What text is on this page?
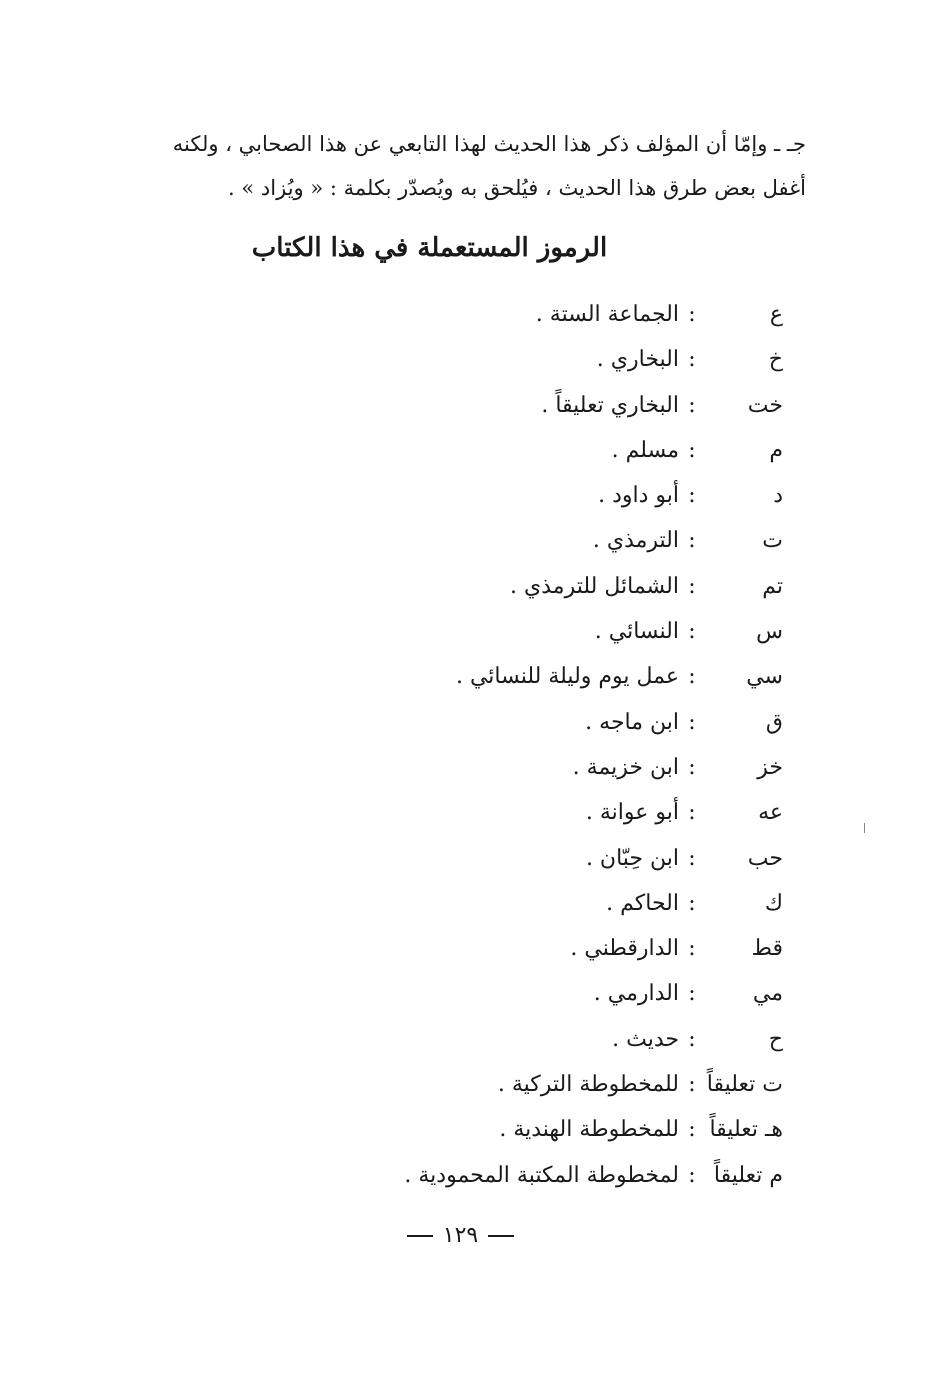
جـ ـ وإمّا أن المؤلف ذكر هذا الحديث لهذا التابعي عن هذا الصحابي ، ولكنه
أغفل بعض طرق هذا الحديث ، فيُلحق به ويُصدّر بكلمة : « ويُزاد » .
الرموز المستعملة في هذا الكتاب
ع
:
الجماعة الستة .
خ
:
البخاري .
خت
:
البخاري تعليقاً .
م
:
مسلم .
د
:
أبو داود .
ت
:
الترمذي .
تم
:
الشمائل للترمذي .
س
:
النسائي .
سي
:
عمل يوم وليلة للنسائي .
ق
:
ابن ماجه .
خز
:
ابن خزيمة .
عه
:
أبو عوانة .
حب
:
ابن حِبّان .
ك
:
الحاكم .
قط
:
الدارقطني .
مي
:
الدارمي .
ح
:
حديث .
ت تعليقاً
:
للمخطوطة التركية .
هـ تعليقاً
:
للمخطوطة الهندية .
م تعليقاً
:
لمخطوطة المكتبة المحمودية .
١٢٩
